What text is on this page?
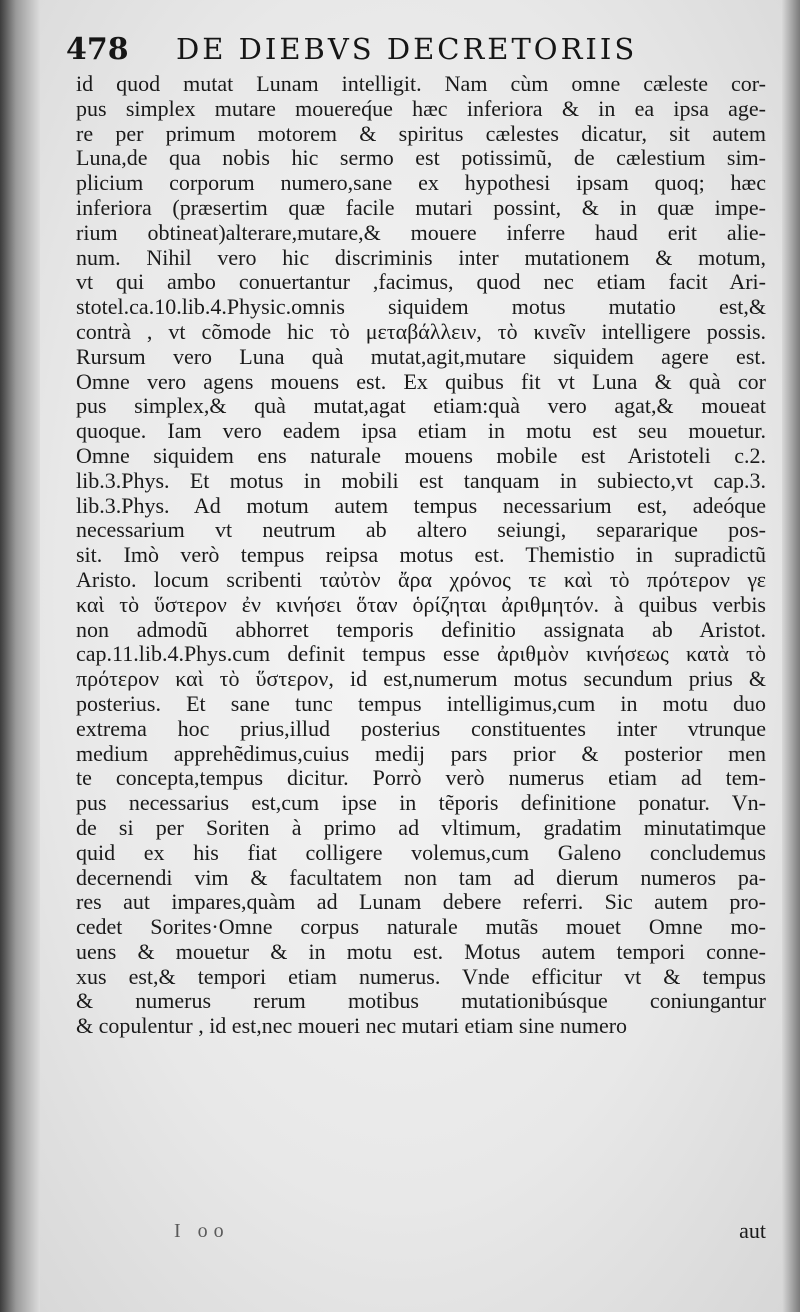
478 DE DIEBVS DECRETORIIS
id quod mutat Lunam intelligit. Nam cùm omne cæleste cor-
pus simplex mutare mouereq́ue hæc inferiora & in ea ipsa age-
re per primum motorem & spiritus cælestes dicatur, sit autem
Luna,de qua nobis hic sermo est potissimũ, de cælestium sim-
plicium corporum numero,sane ex hypothesi ipsam quoq; hæc
inferiora (præsertim quæ facile mutari possint, & in quæ impe-
rium obtineat)alterare,mutare,& mouere inferre haud erit alie-
num. Nihil vero hic discriminis inter mutationem & motum,
vt qui ambo conuertantur ,facimus, quod nec etiam facit Ari-
stotel.ca.10.lib.4.Physic.omnis siquidem motus mutatio est,&
contrà , vt cõmode hic τὸ μεταβάλλειν, τὸ κινεῖν intelligere possis.
Rursum vero Luna quà mutat,agit,mutare siquidem agere est.
Omne vero agens mouens est. Ex quibus fit vt Luna & quà cor
pus simplex,& quà mutat,agat etiam:quà vero agat,& moueat
quoque. Iam vero eadem ipsa etiam in motu est seu mouetur.
Omne siquidem ens naturale mouens mobile est Aristoteli c.2.
lib.3.Phys. Et motus in mobili est tanquam in subiecto,vt cap.3.
lib.3.Phys. Ad motum autem tempus necessarium est, adeóque
necessarium vt neutrum ab altero seiungi, separarique pos-
sit. Imò verò tempus reipsa motus est. Themistio in supradictũ
Aristo. locum scribenti ταὐτὸν ἄρα χρόνος τε καὶ τὸ πρότερον γε
καὶ τὸ ὕστερον ἐν κινήσει ὅταν ὁρίζηται ἀριθμητόν. à quibus verbis
non admodũ abhorret temporis definitio assignata ab Aristot.
cap.11.lib.4.Phys.cum definit tempus esse ἀριθμὸν κινήσεως κατὰ τὸ
πρότερον καὶ τὸ ὕστερον, id est,numerum motus secundum prius &
posterius. Et sane tunc tempus intelligimus,cum in motu duo
extrema hoc prius,illud posterius constituentes inter vtrunque
medium apprehẽdimus,cuius medij pars prior & posterior men
te concepta,tempus dicitur. Porrò verò numerus etiam ad tem-
pus necessarius est,cum ipse in tẽporis definitione ponatur. Vn-
de si per Soriten à primo ad vltimum, gradatim minutatimque
quid ex his fiat colligere volemus,cum Galeno concludemus
decernendi vim & facultatem non tam ad dierum numeros pa-
res aut impares,quàm ad Lunam debere referri. Sic autem pro-
cedet Sorites·Omne corpus naturale mutãs mouet Omne mo-
uens & mouetur & in motu est. Motus autem tempori conne-
xus est,& tempori etiam numerus. Vnde efficitur vt & tempus
& numerus rerum motibus mutationibúsque coniungantur
& copulentur , id est,nec moueri nec mutari etiam sine numero
I oo	aut
